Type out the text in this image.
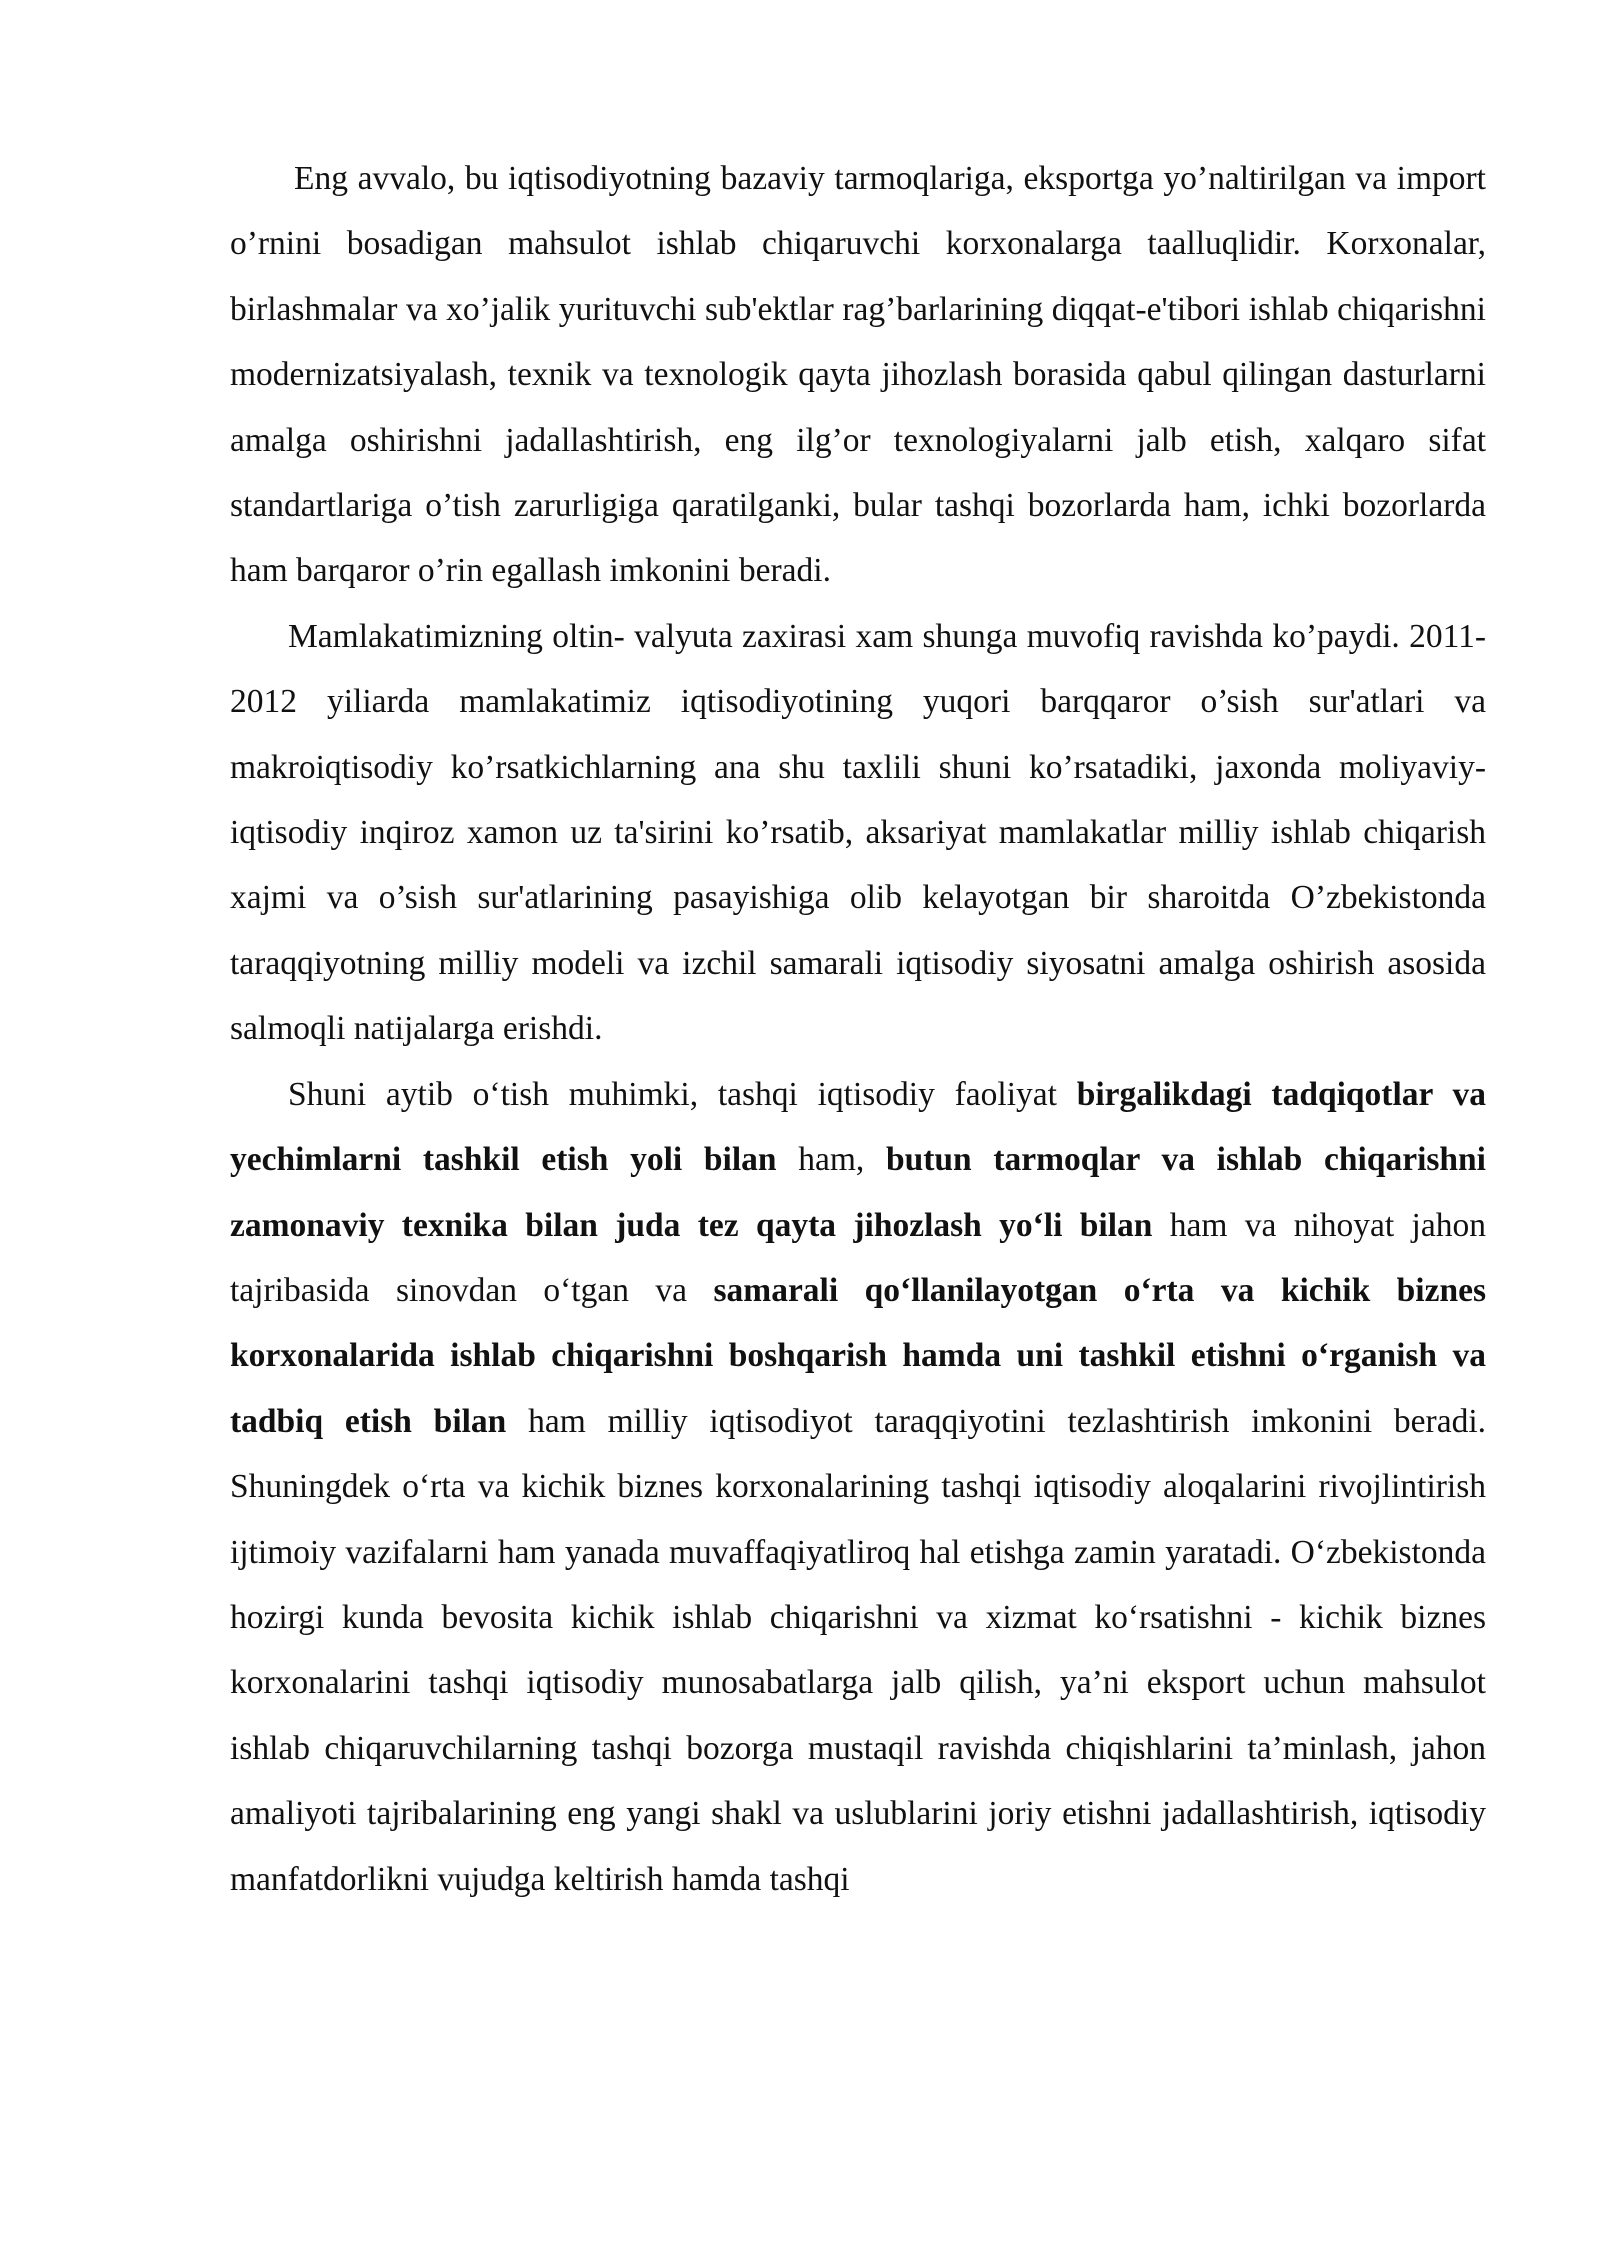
Eng avvalo, bu iqtisodiyotning bazaviy tarmoqlariga, eksportga yo’naltirilgan va import o’rnini bosadigan mahsulot ishlab chiqaruvchi korxonalarga taalluqlidir. Korxonalar, birlashmalar va xo’jalik yurituvchi sub'ektlar rag’barlarining diqqat-e'tibori ishlab chiqarishni modernizatsiyalash, texnik va texnologik qayta jihozlash borasida qabul qilingan dasturlarni amalga oshirishni jadallashtirish, eng ilg’or texnologiyalarni jalb etish, xalqaro sifat standartlariga o’tish zarurligiga qaratilganki, bular tashqi bozorlarda ham, ichki bozorlarda ham barqaror o’rin egallash imkonini beradi.

Mamlakatimizning oltin- valyuta zaxirasi xam shunga muvofiq ravishda ko’paydi. 2011-2012 yiliarda mamlakatimiz iqtisodiyotining yuqori barqqaror o’sish sur'atlari va makroiqtisodiy ko’rsatkichlarning ana shu taxlili shuni ko’rsatadiki, jaxonda moliyaviy- iqtisodiy inqiroz xamon uz ta'sirini ko’rsatib, aksariyat mamlakatlar milliy ishlab chiqarish xajmi va o’sish sur'atlarining pasayishiga olib kelayotgan bir sharoitda O’zbekistonda taraqqiyotning milliy modeli va izchil samarali iqtisodiy siyosatni amalga oshirish asosida salmoqli natijalarga erishdi.

Shuni aytib o‘tish muhimki, tashqi iqtisodiy faoliyat birgalikdagi tadqiqotlar va yechimlarni tashkil etish yoli bilan ham, butun tarmoqlar va ishlab chiqarishni zamonaviy texnika bilan juda tez qayta jihozlash yo‘li bilan ham va nihoyat jahon tajribasida sinovdan o‘tgan va samarali qo‘llanilayotgan o‘rta va kichik biznes korxonalarida ishlab chiqarishni boshqarish hamda uni tashkil etishni o‘rganish va tadbiq etish bilan ham milliy iqtisodiyot taraqqiyotini tezlashtirish imkonini beradi. Shuningdek o‘rta va kichik biznes korxonalarining tashqi iqtisodiy aloqalarini rivojlintirish ijtimoiy vazifalarni ham yanada muvaffaqiyatliroq hal etishga zamin yaratadi. O‘zbekistonda hozirgi kunda bevosita kichik ishlab chiqarishni va xizmat ko‘rsatishni - kichik biznes korxonalarini tashqi iqtisodiy munosabatlarga jalb qilish, ya’ni eksport uchun mahsulot ishlab chiqaruvchilarning tashqi bozorga mustaqil ravishda chiqishlarini ta’minlash, jahon amaliyoti tajribalarining eng yangi shakl va uslublarini joriy etishni jadallashtirish, iqtisodiy manfatdorlikni vujudga keltirish hamda tashqi
